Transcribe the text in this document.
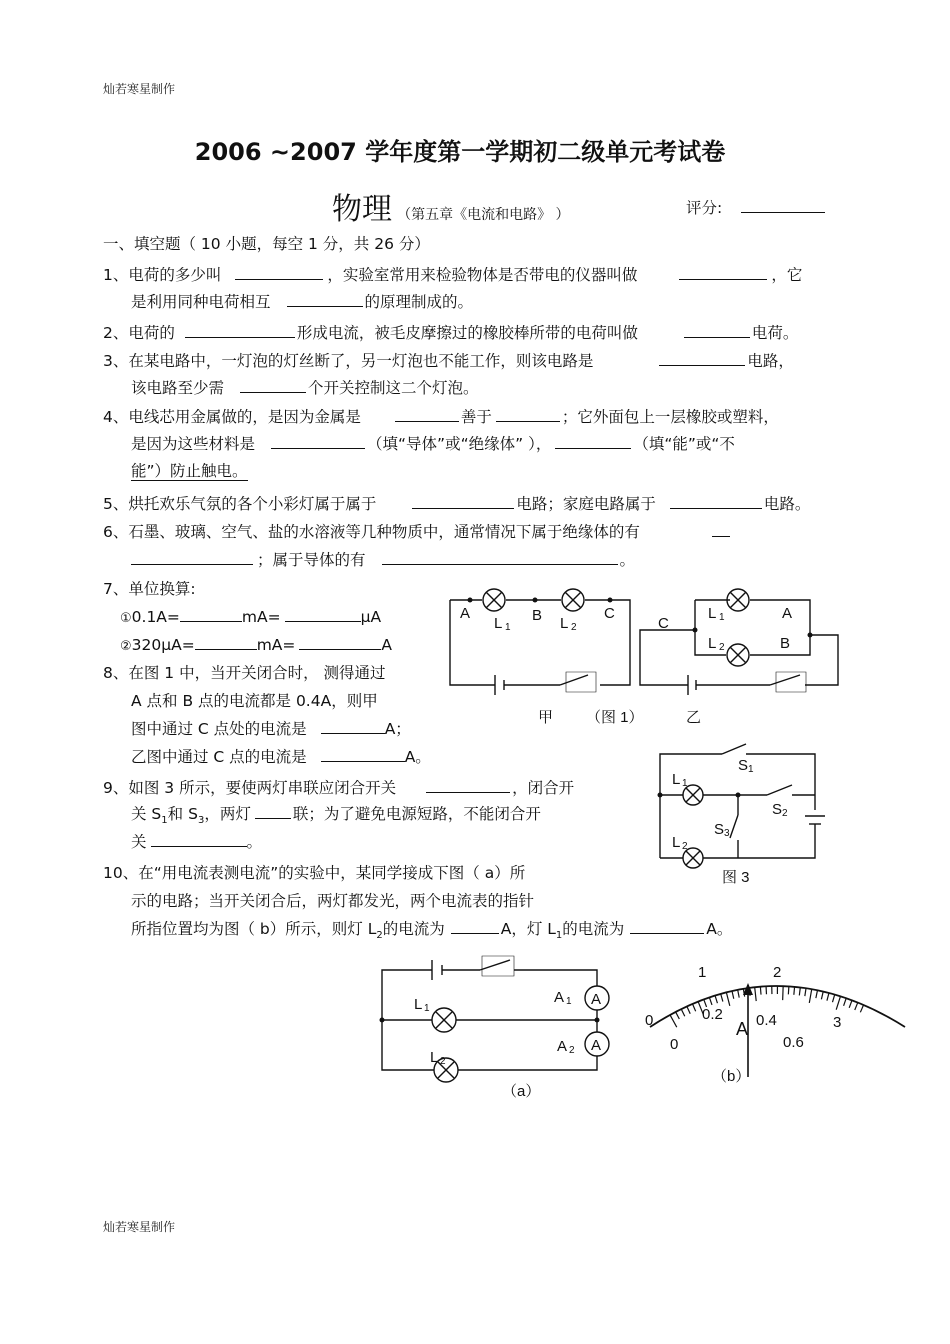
灿若寒星制作
2006 ~2007 学年度第一学期初二级单元考试卷
物理 （第五章《电流和电路》 ）	评分:
一、填空题（ 10 小题，每空 1 分，共 26 分）
1、电荷的多少叫	，实验室常用来检验物体是否带电的仪器叫做	，它
是利用同种电荷相互	的原理制成的。
2、电荷的	形成电流，被毛皮摩擦过的橡胶棒所带的电荷叫做	电荷。
3、在某电路中，一灯泡的灯丝断了，另一灯泡也不能工作，则该电路是	电路，
该电路至少需	个开关控制这二个灯泡。
4、电线芯用金属做的，是因为金属是	善于	；它外面包上一层橡胶或塑料，
是因为这些材料是	（填“导体”或“绝缘体” ），	（填“能”或“不
能”）防止触电。
5、烘托欢乐气氛的各个小彩灯属于属于	电路；家庭电路属于	电路。
6、石墨、玻璃、空气、盐的水溶液等几种物质中，通常情况下属于绝缘体的有
；属于导体的有	。
7、单位换算:
①0.1A=	mA=	μA
②320μA=	mA=	A
8、在图 1 中，当开关闭合时， 测得通过
A 点和 B 点的电流都是 0.4A，则甲
图中通过 C 点处的电流是	A；
乙图中通过 C 点的电流是	A。
9、如图 3 所示，要使两灯串联应闭合开关	，闭合开
关 $S_1$和 $S_3$，两灯	联；为了避免电源短路，不能闭合开
关	。
10、在“用电流表测电流”的实验中，某同学接成下图（ a）所
示的电路；当开关闭合后，两灯都发光，两个电流表的指针
所指位置均为图（ b）所示，则灯 $L_2$的电流为	A，灯 $L_1$的电流为	A。
A	B	C
L 1	L 2	C
L 1	A
L 2	B
甲 （图 1）	乙
S 1
S 2
S 3
L 1
L 2
图 3
A
A
A 1
A 2
L 1
L 2
（a）
0
1	2
3
0
0.2 0.4
0.6
A
（b）
灿若寒星制作
